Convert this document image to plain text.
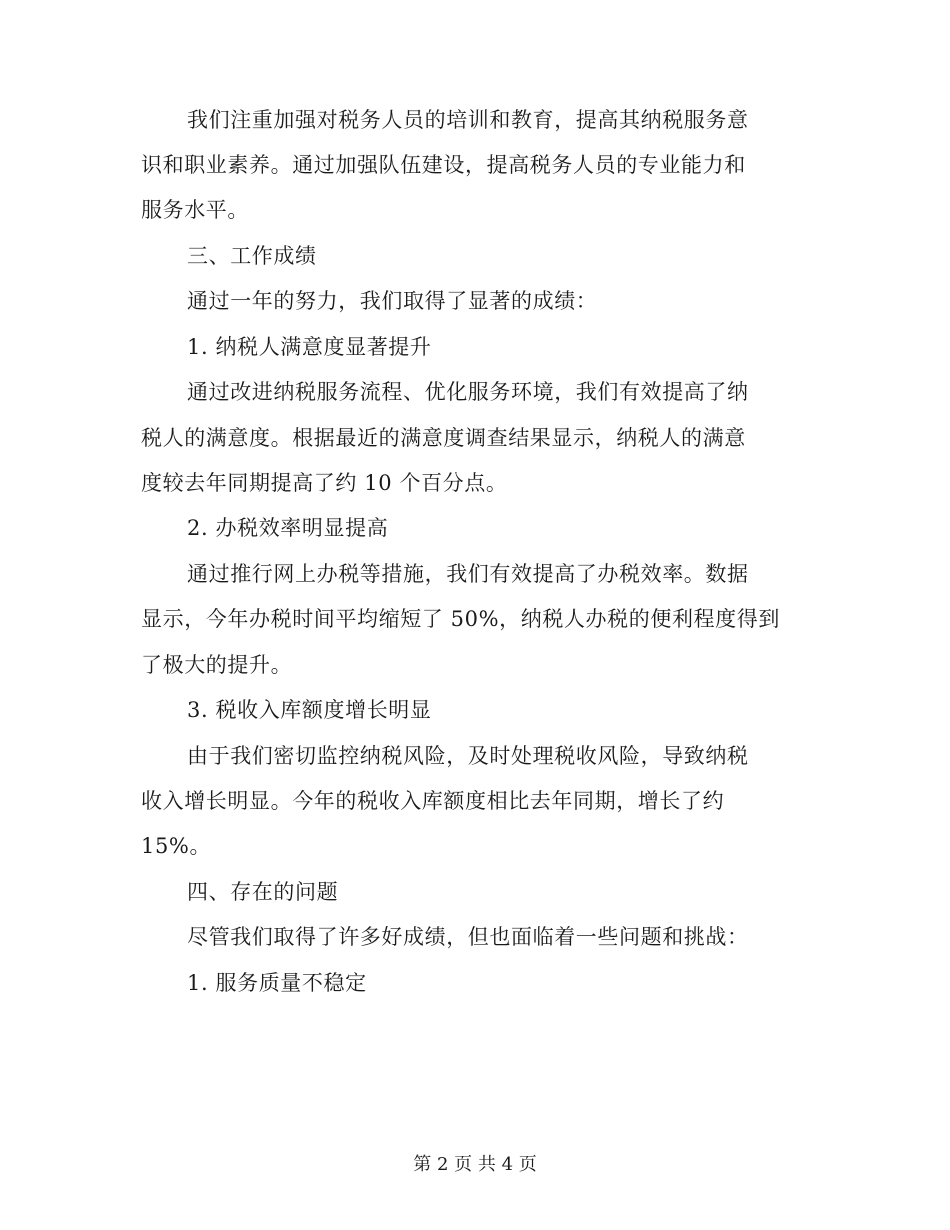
我们注重加强对税务人员的培训和教育，提高其纳税服务意
识和职业素养。通过加强队伍建设，提高税务人员的专业能力和
服务水平。
三、工作成绩
通过一年的努力，我们取得了显著的成绩：
1. 纳税人满意度显著提升
通过改进纳税服务流程、优化服务环境，我们有效提高了纳
税人的满意度。根据最近的满意度调查结果显示，纳税人的满意
度较去年同期提高了约 10 个百分点。
2. 办税效率明显提高
通过推行网上办税等措施，我们有效提高了办税效率。数据
显示，今年办税时间平均缩短了 50%，纳税人办税的便利程度得到
了极大的提升。
3. 税收入库额度增长明显
由于我们密切监控纳税风险，及时处理税收风险，导致纳税
收入增长明显。今年的税收入库额度相比去年同期，增长了约
15%。
四、存在的问题
尽管我们取得了许多好成绩，但也面临着一些问题和挑战：
1. 服务质量不稳定
第 2 页 共 4 页
